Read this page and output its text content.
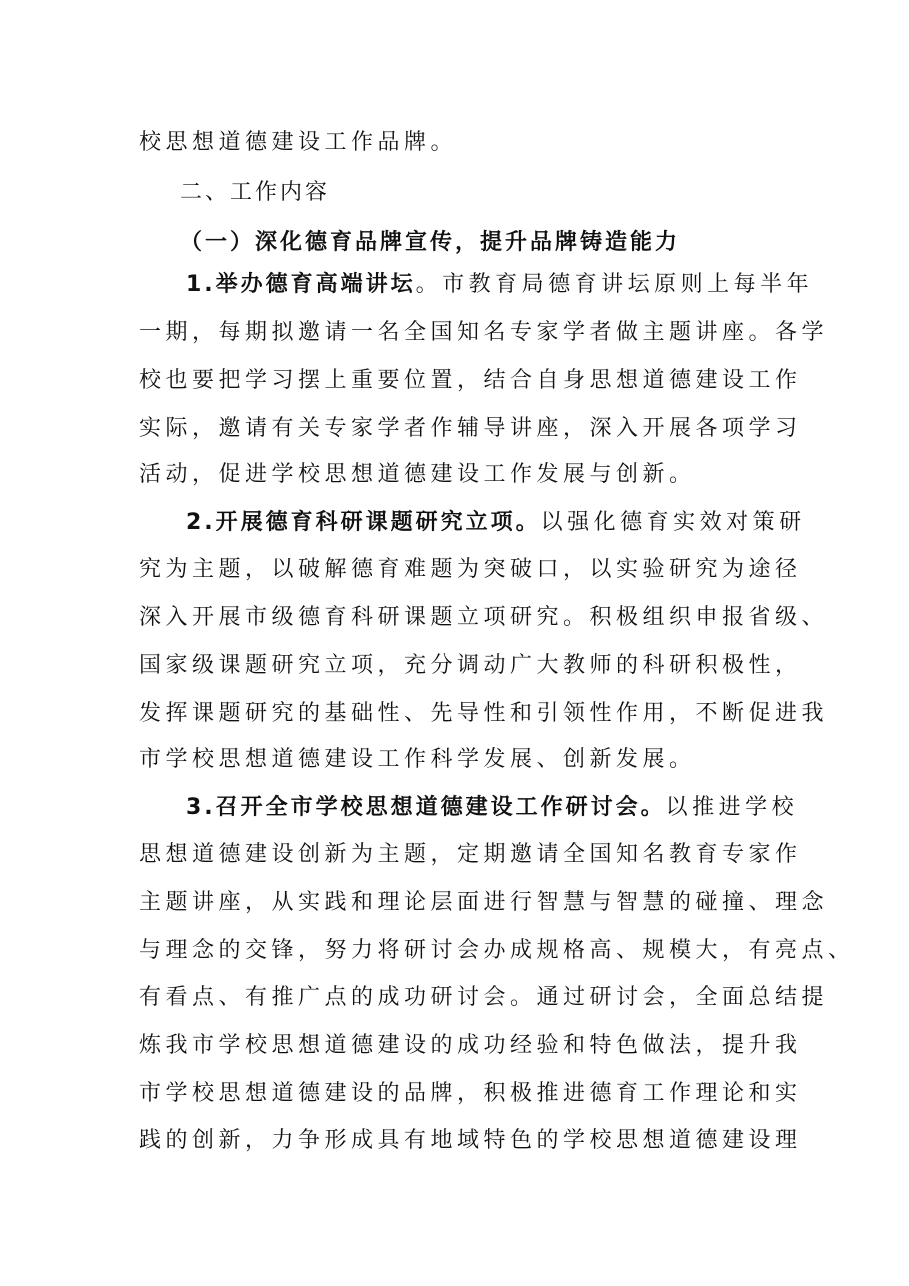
校思想道德建设工作品牌。
二、工作内容
（一）深化德育品牌宣传，提升品牌铸造能力
1.举办德育高端讲坛。市教育局德育讲坛原则上每半年
一期，每期拟邀请一名全国知名专家学者做主题讲座。各学
校也要把学习摆上重要位置，结合自身思想道德建设工作
实际，邀请有关专家学者作辅导讲座，深入开展各项学习
活动，促进学校思想道德建设工作发展与创新。
2.开展德育科研课题研究立项。以强化德育实效对策研
究为主题，以破解德育难题为突破口，以实验研究为途径
深入开展市级德育科研课题立项研究。积极组织申报省级、
国家级课题研究立项，充分调动广大教师的科研积极性，
发挥课题研究的基础性、先导性和引领性作用，不断促进我
市学校思想道德建设工作科学发展、创新发展。
3.召开全市学校思想道德建设工作研讨会。以推进学校
思想道德建设创新为主题，定期邀请全国知名教育专家作
主题讲座，从实践和理论层面进行智慧与智慧的碰撞、理念
与理念的交锋，努力将研讨会办成规格高、规模大，有亮点、
有看点、有推广点的成功研讨会。通过研讨会，全面总结提
炼我市学校思想道德建设的成功经验和特色做法，提升我
市学校思想道德建设的品牌，积极推进德育工作理论和实
践的创新，力争形成具有地域特色的学校思想道德建设理
